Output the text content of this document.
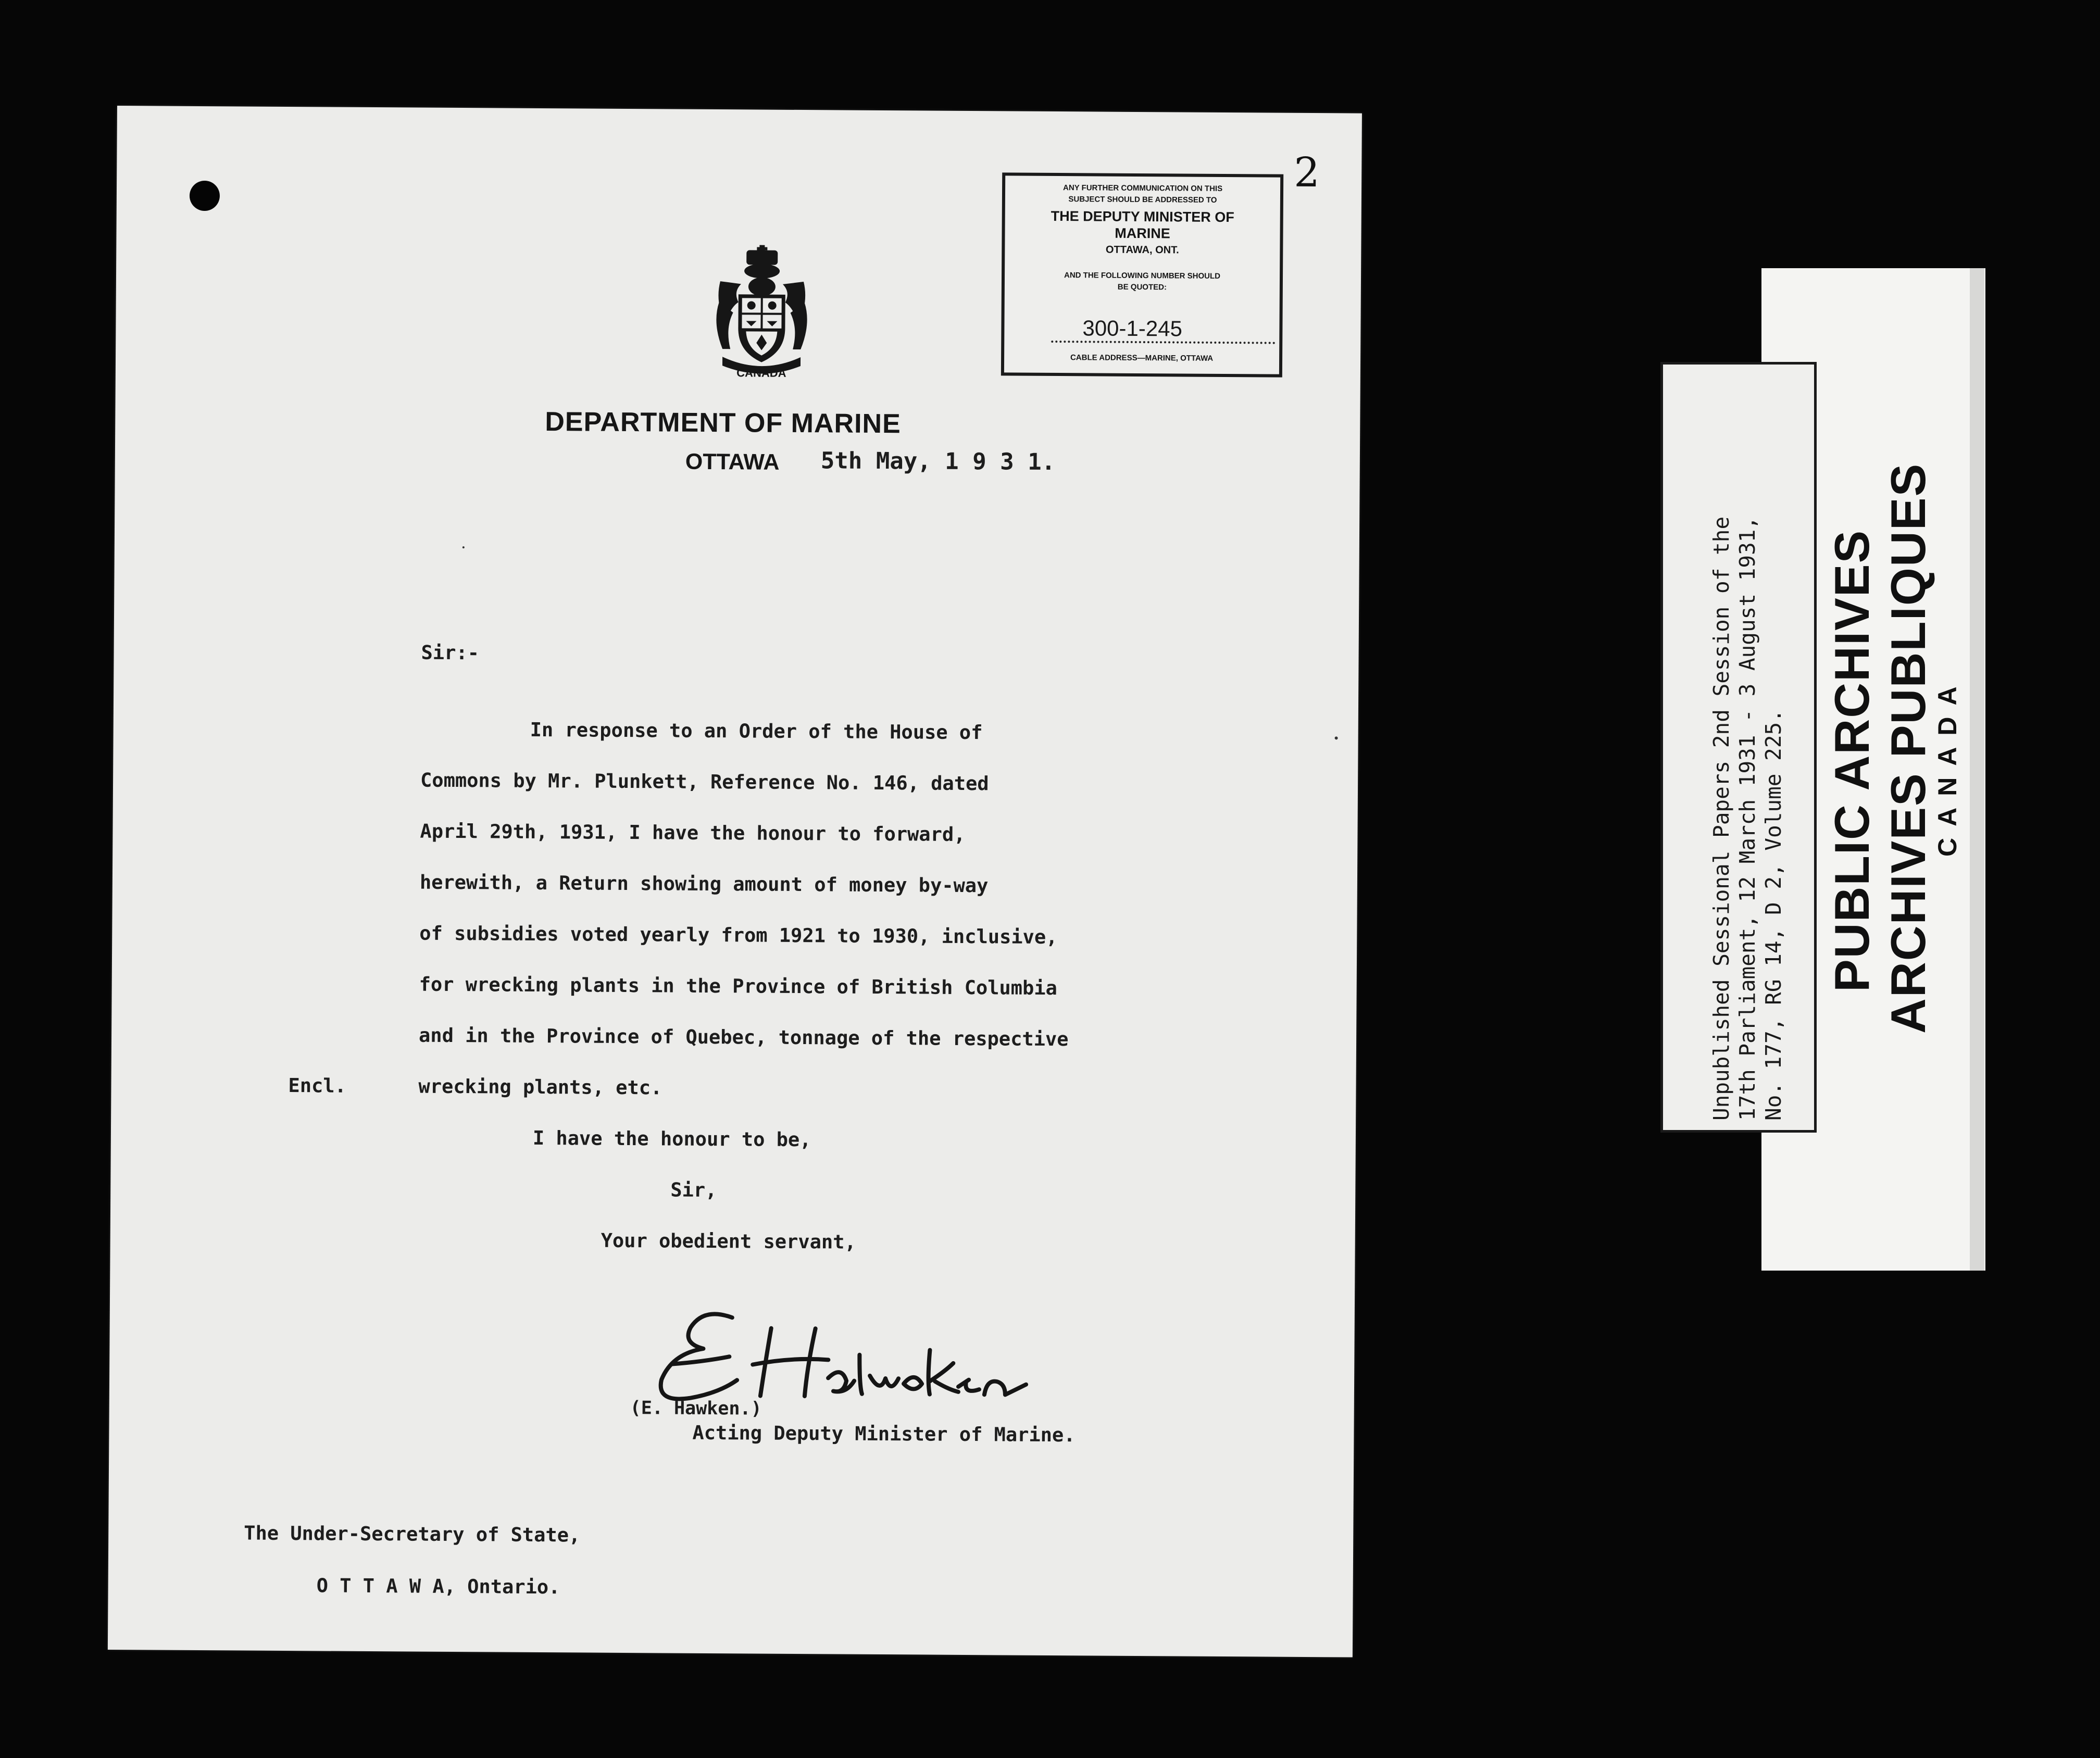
2
ANY FURTHER COMMUNICATION ON THIS
SUBJECT SHOULD BE ADDRESSED TO
THE DEPUTY MINISTER OF
MARINE
OTTAWA, ONT.
AND THE FOLLOWING NUMBER SHOULD
BE QUOTED:
300-1-245
CABLE ADDRESS—MARINE, OTTAWA
CANADA
DEPARTMENT OF MARINE
OTTAWA 5th May, 1 9 3 1.
Sir:-
In response to an Order of the House of
Commons by Mr. Plunkett, Reference No. 146, dated
April 29th, 1931, I have the honour to forward,
herewith, a Return showing amount of money by-way
of subsidies voted yearly from 1921 to 1930, inclusive,
for wrecking plants in the Province of British Columbia
and in the Province of Quebec, tonnage of the respective
wrecking plants, etc.
Encl.
I have the honour to be,
Sir,
Your obedient servant,
(E. Hawken.)
Acting Deputy Minister of Marine.
The Under-Secretary of State,
O T T A W A, Ontario.
PUBLIC ARCHIVES ARCHIVES PUBLIQUES
CANADA
Unpublished Sessional Papers 2nd Session of the 17th Parliament, 12 March 1931 - 3 August 1931, No. 177, RG 14, D 2, Volume 225.
